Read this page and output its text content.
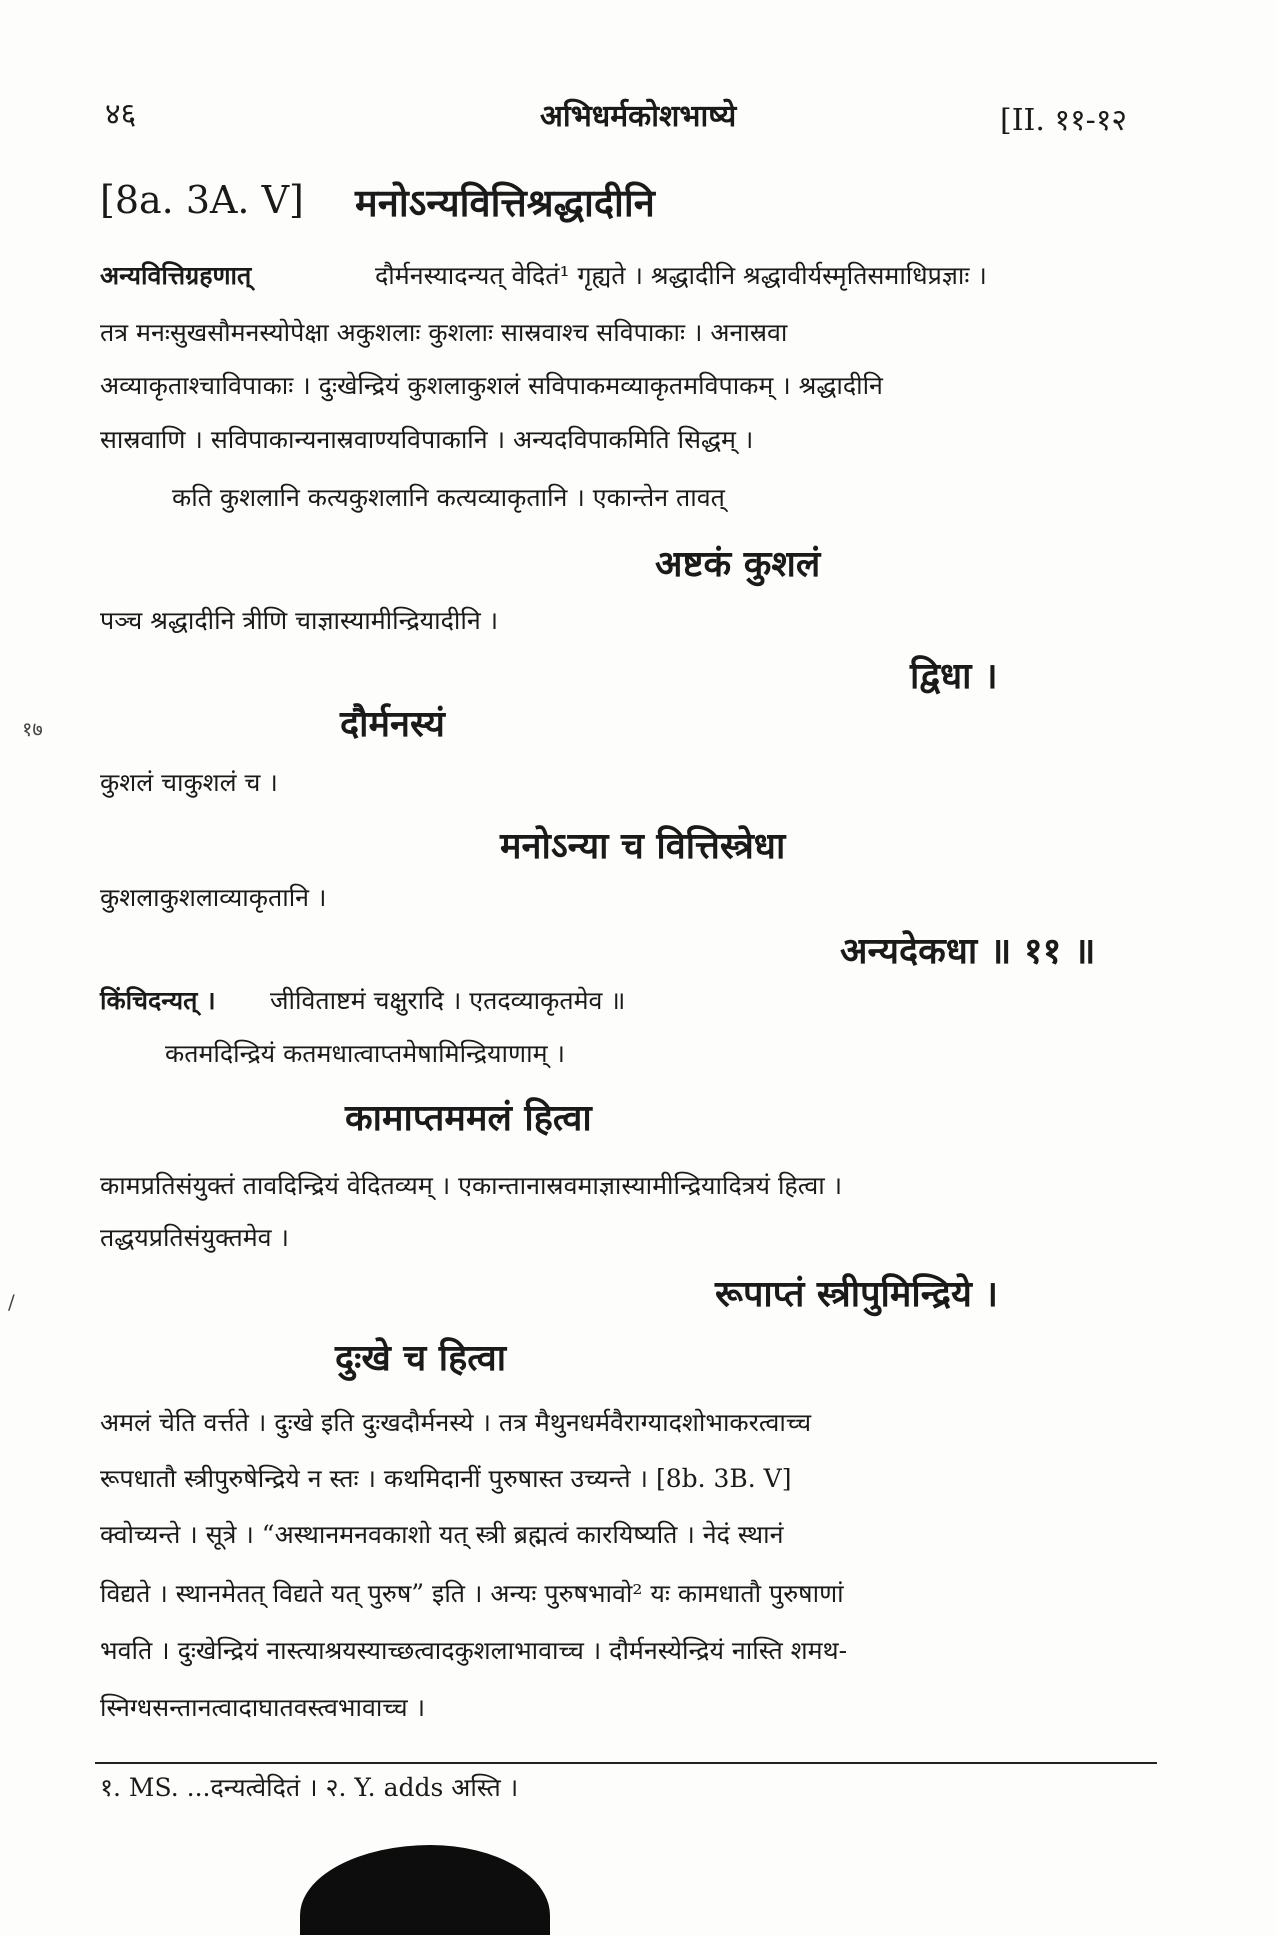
४६	अभिधर्मकोशभाष्ये	[II. ११-१२
[8a. 3A. V] मनोऽन्यवित्तिश्रद्धादीनि
अन्यवित्तिग्रहणात्	दौर्मनस्यादन्यत् वेदितं¹ गृह्यते । श्रद्धादीनि श्रद्धावीर्यस्मृतिसमाधिप्रज्ञाः ।
तत्र मनःसुखसौमनस्योपेक्षा अकुशलाः कुशलाः सास्रवाश्च सविपाकाः । अनास्रवा
अव्याकृताश्चाविपाकाः । दुःखेन्द्रियं कुशलाकुशलं सविपाकमव्याकृतमविपाकम् । श्रद्धादीनि
सास्रवाणि । सविपाकान्यनास्रवाण्यविपाकानि । अन्यदविपाकमिति सिद्धम् ।
कति कुशलानि कत्यकुशलानि कत्यव्याकृतानि । एकान्तेन तावत्
अष्टकं कुशलं
पञ्च श्रद्धादीनि त्रीणि चाज्ञास्यामीन्द्रियादीनि ।
द्विधा ।
१७	दौर्मनस्यं
कुशलं चाकुशलं च ।
मनोऽन्या च वित्तिस्त्रेधा
कुशलाकुशलाव्याकृतानि ।
अन्यदेकधा ॥ ११ ॥
किंचिदन्यत् । जीविताष्टमं चक्षुरादि । एतदव्याकृतमेव ॥
कतमदिन्द्रियं कतमधात्वाप्तमेषामिन्द्रियाणाम् ।
कामाप्तममलं हित्वा
कामप्रतिसंयुक्तं तावदिन्द्रियं वेदितव्यम् । एकान्तानास्रवमाज्ञास्यामीन्द्रियादित्रयं हित्वा ।
तद्धयप्रतिसंयुक्तमेव ।
/	रूपाप्तं स्त्रीपुमिन्द्रिये ।
दुःखे च हित्वा
अमलं चेति वर्त्तते । दुःखे इति दुःखदौर्मनस्ये । तत्र मैथुनधर्मवैराग्यादशोभाकरत्वाच्च
रूपधातौ स्त्रीपुरुषेन्द्रिये न स्तः । कथमिदानीं पुरुषास्त उच्यन्ते । [8b. 3B. V]
क्वोच्यन्ते । सूत्रे । “अस्थानमनवकाशो यत् स्त्री ब्रह्मत्वं कारयिष्यति । नेदं स्थानं
विद्यते । स्थानमेतत् विद्यते यत् पुरुष” इति । अन्यः पुरुषभावो² यः कामधातौ पुरुषाणां
भवति । दुःखेन्द्रियं नास्त्याश्रयस्याच्छत्वादकुशलाभावाच्च । दौर्मनस्येन्द्रियं नास्ति शमथ-
स्निग्धसन्तानत्वादाघातवस्त्वभावाच्च ।
१. MS. ...दन्यत्वेदितं । २. Y. adds अस्ति ।
